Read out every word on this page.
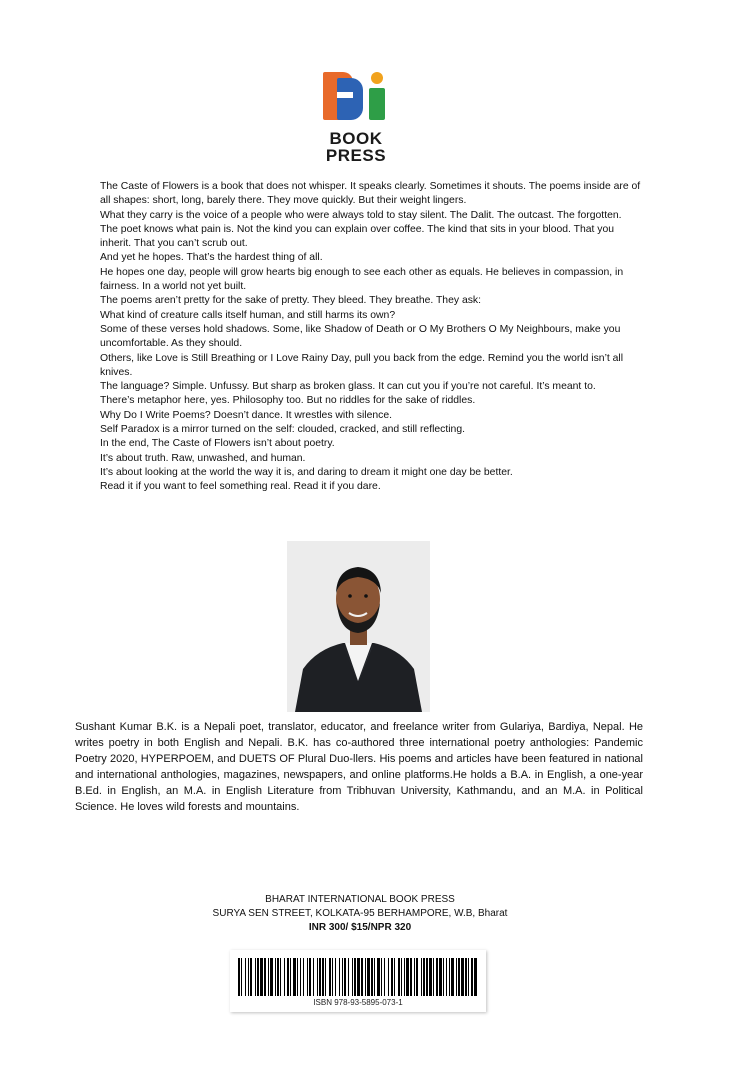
BOOK
PRESS

The Caste of Flowers is a book that does not whisper. It speaks clearly. Sometimes it shouts. The poems inside are of all shapes: short, long, barely there. They move quickly. But their weight lingers.

What they carry is the voice of a people who were always told to stay silent. The Dalit. The outcast. The forgotten.

The poet knows what pain is. Not the kind you can explain over coffee. The kind that sits in your blood. That you inherit. That you can’t scrub out.

And yet he hopes. That’s the hardest thing of all.

He hopes one day, people will grow hearts big enough to see each other as equals. He believes in compassion, in fairness. In a world not yet built.

The poems aren’t pretty for the sake of pretty. They bleed. They breathe. They ask:

What kind of creature calls itself human, and still harms its own?

Some of these verses hold shadows. Some, like Shadow of Death or O My Brothers O My Neighbours, make you uncomfortable. As they should.

Others, like Love is Still Breathing or I Love Rainy Day, pull you back from the edge. Remind you the world isn’t all knives.

The language? Simple. Unfussy. But sharp as broken glass. It can cut you if you’re not careful. It’s meant to.

There’s metaphor here, yes. Philosophy too. But no riddles for the sake of riddles.

Why Do I Write Poems? Doesn’t dance. It wrestles with silence.

Self Paradox is a mirror turned on the self: clouded, cracked, and still reflecting.

In the end, The Caste of Flowers isn’t about poetry.

It’s about truth. Raw, unwashed, and human.

It’s about looking at the world the way it is, and daring to dream it might one day be better.

Read it if you want to feel something real. Read it if you dare.

Sushant Kumar B.K. is a Nepali poet, translator, educator, and freelance writer from Gulariya, Bardiya, Nepal. He writes poetry in both English and Nepali. B.K. has co-authored three international poetry anthologies: Pandemic Poetry 2020, HYPERPOEM, and DUETS OF Plural Duo-llers. His poems and articles have been featured in national and international anthologies, magazines, newspapers, and online platforms.He holds a B.A. in English, a one-year B.Ed. in English, an M.A. in English Literature from Tribhuvan University, Kathmandu, and an M.A. in Political Science. He loves wild forests and mountains.
BHARAT INTERNATIONAL BOOK PRESS
SURYA SEN STREET, KOLKATA-95 BERHAMPORE, W.B, Bharat
INR 300/ $15/NPR 320
ISBN 978-93-5895-073-1
